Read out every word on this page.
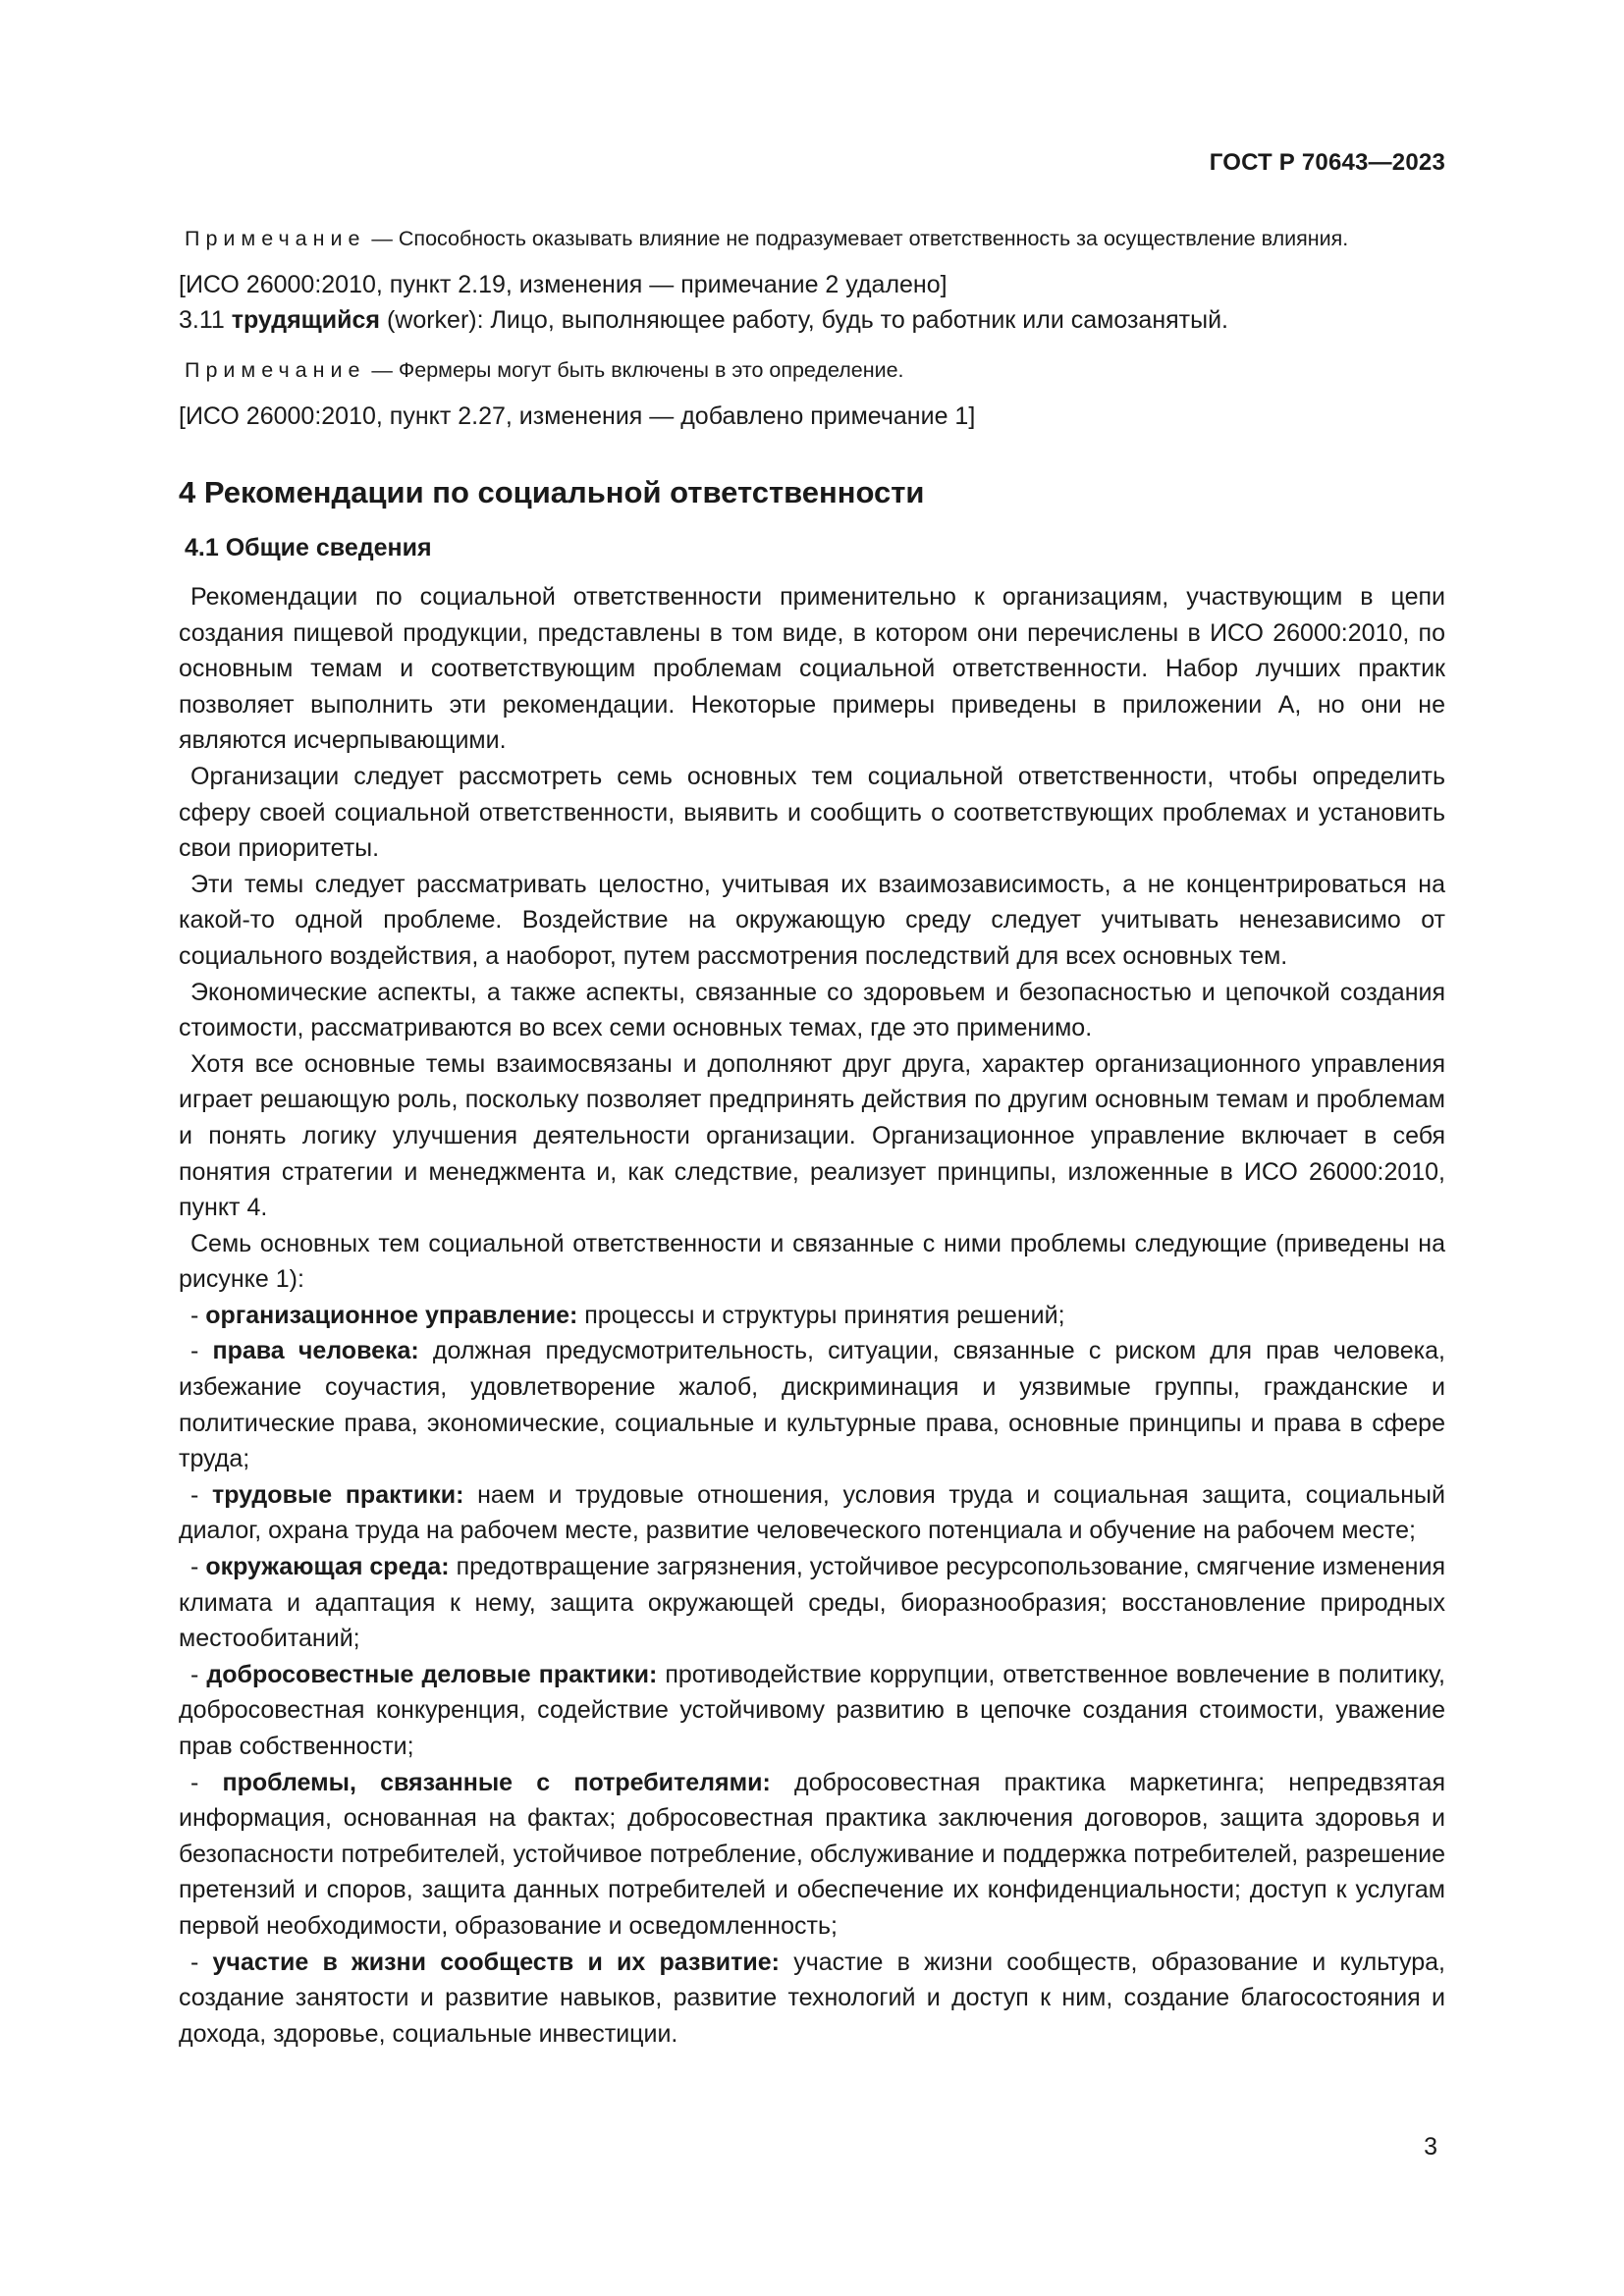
ГОСТ Р 70643—2023

Примечание — Способность оказывать влияние не подразумевает ответственность за осуществление влияния.

[ИСО 26000:2010, пункт 2.19, изменения — примечание 2 удалено]

3.11 трудящийся (worker): Лицо, выполняющее работу, будь то работник или самозанятый.

Примечание — Фермеры могут быть включены в это определение.

[ИСО 26000:2010, пункт 2.27, изменения — добавлено примечание 1]

4 Рекомендации по социальной ответственности
4.1 Общие сведения

Рекомендации по социальной ответственности применительно к организациям, участвующим в цепи создания пищевой продукции, представлены в том виде, в котором они перечислены в ИСО 26000:2010, по основным темам и соответствующим проблемам социальной ответственности. Набор лучших практик позволяет выполнить эти рекомендации. Некоторые примеры приведены в приложении А, но они не являются исчерпывающими.

Организации следует рассмотреть семь основных тем социальной ответственности, чтобы определить сферу своей социальной ответственности, выявить и сообщить о соответствующих проблемах и установить свои приоритеты.

Эти темы следует рассматривать целостно, учитывая их взаимозависимость, а не концентрироваться на какой-то одной проблеме. Воздействие на окружающую среду следует учитывать ненезависимо от социального воздействия, а наоборот, путем рассмотрения последствий для всех основных тем.

Экономические аспекты, а также аспекты, связанные со здоровьем и безопасностью и цепочкой создания стоимости, рассматриваются во всех семи основных темах, где это применимо.

Хотя все основные темы взаимосвязаны и дополняют друг друга, характер организационного управления играет решающую роль, поскольку позволяет предпринять действия по другим основным темам и проблемам и понять логику улучшения деятельности организации. Организационное управление включает в себя понятия стратегии и менеджмента и, как следствие, реализует принципы, изложенные в ИСО 26000:2010, пункт 4.

Семь основных тем социальной ответственности и связанные с ними проблемы следующие (приведены на рисунке 1):

- организационное управление: процессы и структуры принятия решений;

- права человека: должная предусмотрительность, ситуации, связанные с риском для прав человека, избежание соучастия, удовлетворение жалоб, дискриминация и уязвимые группы, гражданские и политические права, экономические, социальные и культурные права, основные принципы и права в сфере труда;

- трудовые практики: наем и трудовые отношения, условия труда и социальная защита, социальный диалог, охрана труда на рабочем месте, развитие человеческого потенциала и обучение на рабочем месте;

- окружающая среда: предотвращение загрязнения, устойчивое ресурсопользование, смягчение изменения климата и адаптация к нему, защита окружающей среды, биоразнообразия; восстановление природных местообитаний;

- добросовестные деловые практики: противодействие коррупции, ответственное вовлечение в политику, добросовестная конкуренция, содействие устойчивому развитию в цепочке создания стоимости, уважение прав собственности;

- проблемы, связанные с потребителями: добросовестная практика маркетинга; непредвзятая информация, основанная на фактах; добросовестная практика заключения договоров, защита здоровья и безопасности потребителей, устойчивое потребление, обслуживание и поддержка потребителей, разрешение претензий и споров, защита данных потребителей и обеспечение их конфиденциальности; доступ к услугам первой необходимости, образование и осведомленность;

- участие в жизни сообществ и их развитие: участие в жизни сообществ, образование и культура, создание занятости и развитие навыков, развитие технологий и доступ к ним, создание благосостояния и дохода, здоровье, социальные инвестиции.

3
